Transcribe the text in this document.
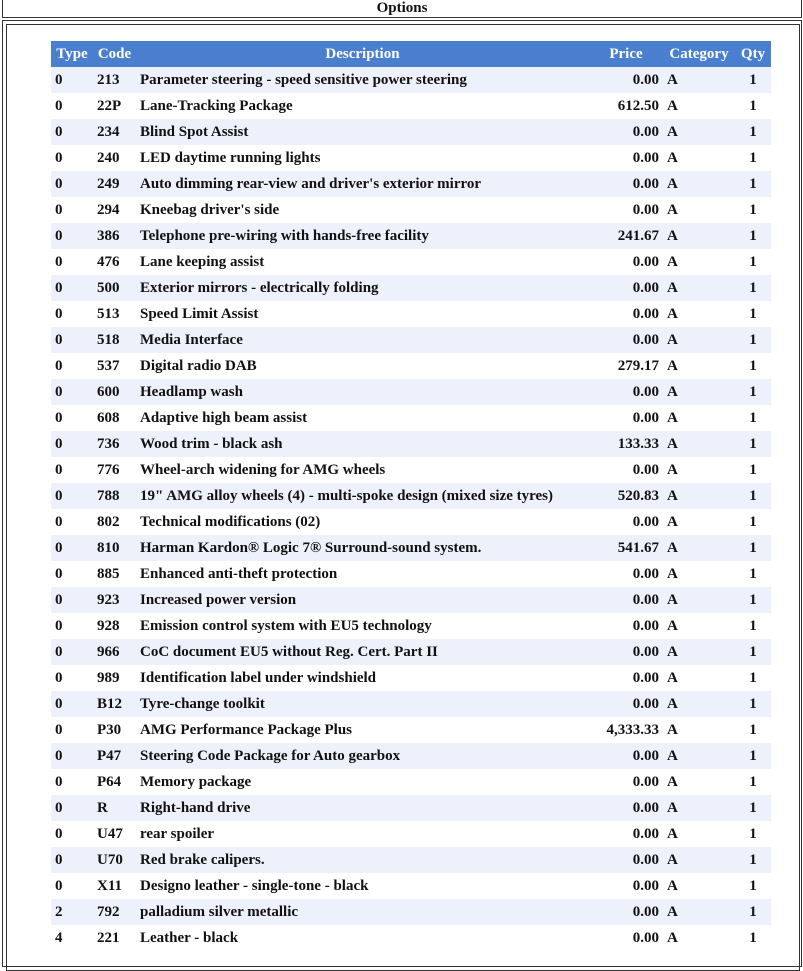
Options
Type	Code	Description	Price	Category	Qty
0	213	Parameter steering - speed sensitive power steering	0.00	A	1
0	22P	Lane-Tracking Package	612.50	A	1
0	234	Blind Spot Assist	0.00	A	1
0	240	LED daytime running lights	0.00	A	1
0	249	Auto dimming rear-view and driver's exterior mirror	0.00	A	1
0	294	Kneebag driver's side	0.00	A	1
0	386	Telephone pre-wiring with hands-free facility	241.67	A	1
0	476	Lane keeping assist	0.00	A	1
0	500	Exterior mirrors - electrically folding	0.00	A	1
0	513	Speed Limit Assist	0.00	A	1
0	518	Media Interface	0.00	A	1
0	537	Digital radio DAB	279.17	A	1
0	600	Headlamp wash	0.00	A	1
0	608	Adaptive high beam assist	0.00	A	1
0	736	Wood trim - black ash	133.33	A	1
0	776	Wheel-arch widening for AMG wheels	0.00	A	1
0	788	19" AMG alloy wheels (4) - multi-spoke design (mixed size tyres)	520.83	A	1
0	802	Technical modifications (02)	0.00	A	1
0	810	Harman Kardon® Logic 7® Surround-sound system.	541.67	A	1
0	885	Enhanced anti-theft protection	0.00	A	1
0	923	Increased power version	0.00	A	1
0	928	Emission control system with EU5 technology	0.00	A	1
0	966	CoC document EU5 without Reg. Cert. Part II	0.00	A	1
0	989	Identification label under windshield	0.00	A	1
0	B12	Tyre-change toolkit	0.00	A	1
0	P30	AMG Performance Package Plus	4,333.33	A	1
0	P47	Steering Code Package for Auto gearbox	0.00	A	1
0	P64	Memory package	0.00	A	1
0	R	Right-hand drive	0.00	A	1
0	U47	rear spoiler	0.00	A	1
0	U70	Red brake calipers.	0.00	A	1
0	X11	Designo leather - single-tone - black	0.00	A	1
2	792	palladium silver metallic	0.00	A	1
4	221	Leather - black	0.00	A	1
